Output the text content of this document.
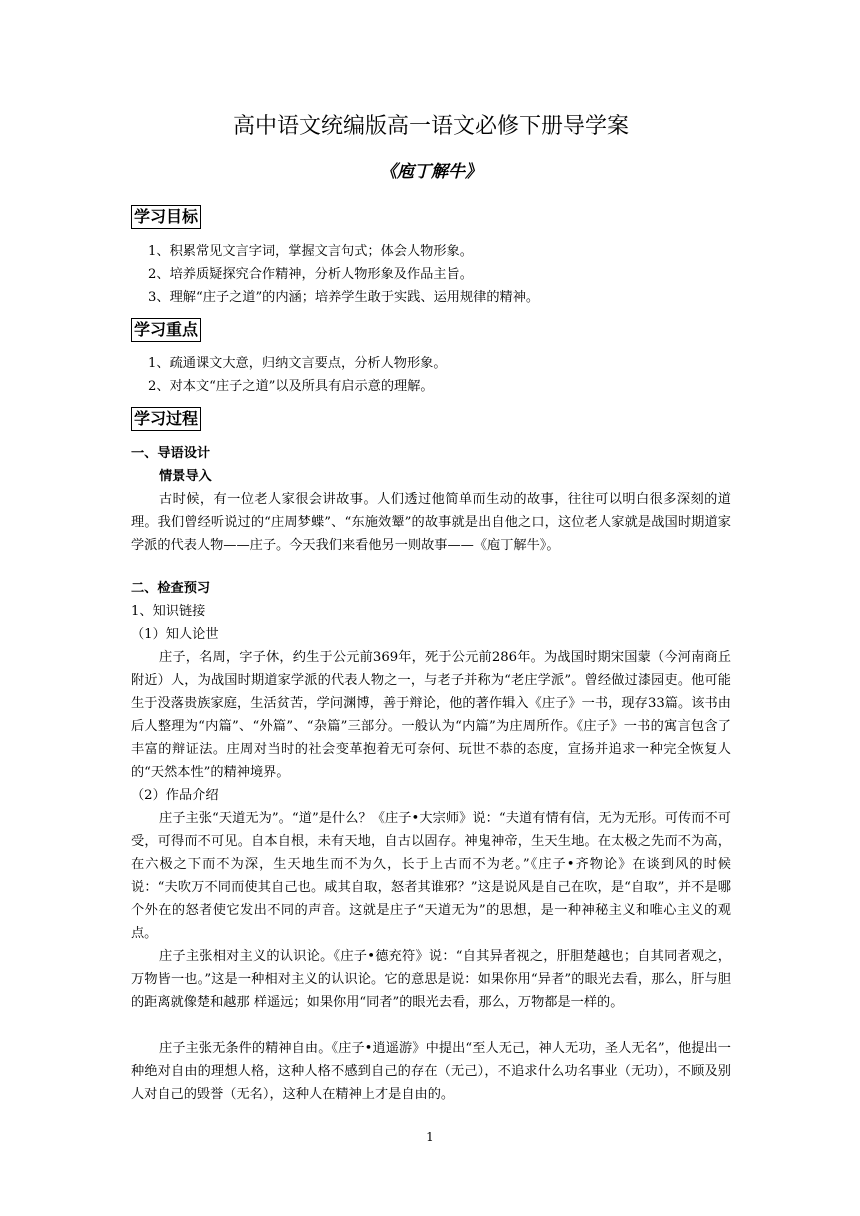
高中语文统编版高一语文必修下册导学案
《庖丁解牛》
学习目标
1、积累常见文言字词，掌握文言句式；体会人物形象。
2、培养质疑探究合作精神，分析人物形象及作品主旨。
3、理解“庄子之道”的内涵；培养学生敢于实践、运用规律的精神。
学习重点
1、疏通课文大意，归纳文言要点，分析人物形象。
2、对本文“庄子之道”以及所具有启示意的理解。
学习过程
一、导语设计
情景导入
古时候，有一位老人家很会讲故事。人们透过他简单而生动的故事，往往可以明白很多深刻的道理。我们曾经听说过的“庄周梦蝶”、“东施效颦”的故事就是出自他之口，这位老人家就是战国时期道家学派的代表人物——庄子。今天我们来看他另一则故事——《庖丁解牛》。
二、检查预习
1、知识链接
（1）知人论世
庄子，名周，字子休，约生于公元前369年，死于公元前286年。为战国时期宋国蒙（今河南商丘附近）人，为战国时期道家学派的代表人物之一，与老子并称为“老庄学派”。曾经做过漆园吏。他可能生于没落贵族家庭，生活贫苦，学问渊博，善于辩论，他的著作辑入《庄子》一书，现存33篇。该书由后人整理为“内篇”、“外篇”、“杂篇”三部分。一般认为“内篇”为庄周所作。《庄子》一书的寓言包含了丰富的辩证法。庄周对当时的社会变革抱着无可奈何、玩世不恭的态度，宣扬并追求一种完全恢复人的“天然本性”的精神境界。
（2）作品介绍
庄子主张“天道无为”。“道”是什么？《庄子•大宗师》说：“夫道有情有信，无为无形。可传而不可受，可得而不可见。自本自根，未有天地，自古以固存。神鬼神帝，生天生地。在太极之先而不为高，在六极之下而不为深，生天地生而不为久，长于上古而不为老。”《庄子•齐物论》在谈到风的时候说：“夫吹万不同而使其自己也。咸其自取，怒者其谁邪？”这是说风是自己在吹，是“自取”，并不是哪个外在的怒者使它发出不同的声音。这就是庄子“天道无为”的思想，是一种神秘主义和唯心主义的观点。
庄子主张相对主义的认识论。《庄子•德充符》说：“自其异者视之，肝胆楚越也；自其同者观之，万物皆一也。”这是一种相对主义的认识论。它的意思是说：如果你用“异者”的眼光去看，那么，肝与胆的距离就像楚和越那 样遥远；如果你用“同者”的眼光去看，那么，万物都是一样的。
庄子主张无条件的精神自由。《庄子•逍遥游》中提出“至人无己，神人无功，圣人无名”，他提出一种绝对自由的理想人格，这种人格不感到自己的存在（无己），不追求什么功名事业（无功），不顾及别人对自己的毁誉（无名），这种人在精神上才是自由的。
1
